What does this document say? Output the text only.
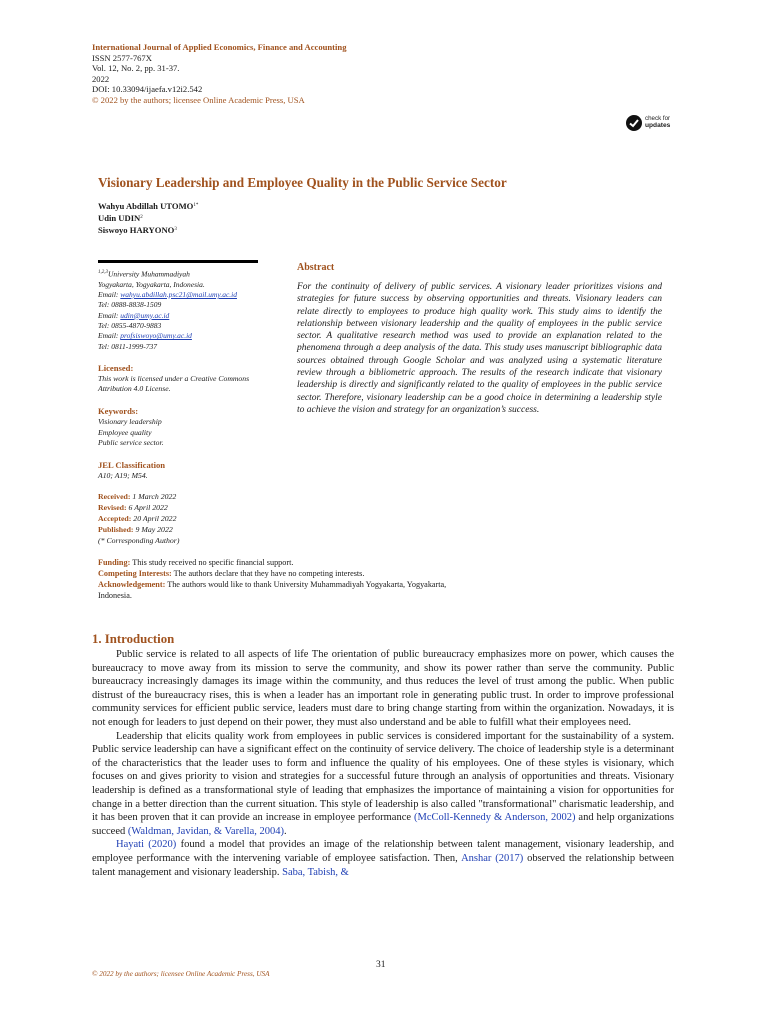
International Journal of Applied Economics, Finance and Accounting
ISSN 2577-767X
Vol. 12, No. 2, pp. 31-37.
2022
DOI: 10.33094/ijaefa.v12i2.542
© 2022 by the authors; licensee Online Academic Press, USA
check for
updates
Visionary Leadership and Employee Quality in the Public Service Sector
Wahyu Abdillah $UTOMO^{1*}$
Udin UDIN$^2$
Siswoyo HARYONO$^3$
$^{1,2,3}$University Muhammadiyah
Yogyakarta, Yogyakarta, Indonesia.
Email: wahyu.abdillah.psc21@mail.umy.ac.id
Tel: 0888-8838-1509
Email: udin@umy.ac.id
Tel: 0855-4870-9883
Email: profsiswoyo@umy.ac.id
Tel: 0811-1999-737
Licensed:
This work is licensed under a Creative Commons Attribution 4.0 License.
Keywords:
Visionary leadership
Employee quality
Public service sector.
JEL Classification
A10; A19; M54.
Received: 1 March 2022
Revised: 6 April 2022
Accepted: 20 April 2022
Published: 9 May 2022
(* Corresponding Author)
Abstract

For the continuity of delivery of public services. A visionary leader prioritizes visions and strategies for future success by observing opportunities and threats. Visionary leaders can relate directly to employees to produce high quality work. This study aims to identify the relationship between visionary leadership and the quality of employees in the public service sector. A qualitative research method was used to provide an explanation related to the phenomena through a deep analysis of the data. This study uses manuscript bibliographic data sources obtained through Google Scholar and was analyzed using a systematic literature review through a bibliometric approach. The results of the research indicate that visionary leadership is directly and significantly related to the quality of employees in the public service sector. Therefore, visionary leadership can be a good choice in determining a leadership style to achieve the vision and strategy for an organization’s success.

Funding: This study received no specific financial support.
Competing Interests: The authors declare that they have no competing interests.
Acknowledgement: The authors would like to thank University Muhammadiyah Yogyakarta, Yogyakarta,
Indonesia.
1. Introduction

Public service is related to all aspects of life The orientation of public bureaucracy emphasizes more on power, which causes the bureaucracy to move away from its mission to serve the community, and show its power rather than serve the community. Public bureaucracy increasingly damages its image within the community, and thus reduces the level of trust among the public. When public distrust of the bureaucracy rises, this is when a leader has an important role in generating public trust. In order to improve professional community services for efficient public service, leaders must dare to bring change starting from within the organization. Nowadays, it is not enough for leaders to just depend on their power, they must also understand and be able to fulfill what their employees need.

Leadership that elicits quality work from employees in public services is considered important for the sustainability of a system. Public service leadership can have a significant effect on the continuity of service delivery. The choice of leadership style is a determinant of the characteristics that the leader uses to form and influence the quality of his employees. One of these styles is visionary, which focuses on and gives priority to vision and strategies for a successful future through an analysis of opportunities and threats. Visionary leadership is defined as a transformational style of leading that emphasizes the importance of maintaining a vision for opportunities for change in a better direction than the current situation. This style of leadership is also called "transformational" charismatic leadership, and it has been proven that it can provide an increase in employee performance (McColl-Kennedy & Anderson, 2002) and help organizations succeed (Waldman, Javidan, & Varella, 2004).

Hayati (2020) found a model that provides an image of the relationship between talent management, visionary leadership, and employee performance with the intervening variable of employee satisfaction. Then, Anshar (2017) observed the relationship between talent management and visionary leadership. Saba, Tabish, &

31
© 2022 by the authors; licensee Online Academic Press, USA
